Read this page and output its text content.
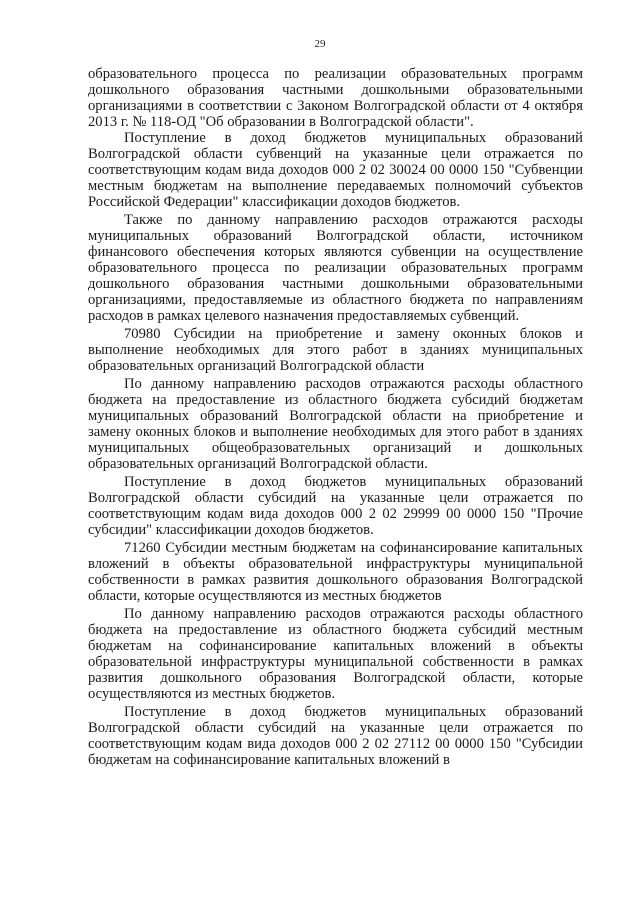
29

образовательного процесса по реализации образовательных программ дошкольного образования частными дошкольными образовательными организациями в соответствии с Законом Волгоградской области от 4 октября 2013 г. № 118-ОД "Об образовании в Волгоградской области".

Поступление в доход бюджетов муниципальных образований Волгоградской области субвенций на указанные цели отражается по соответствующим кодам вида доходов 000 2 02 30024 00 0000 150 "Субвенции местным бюджетам на выполнение передаваемых полномочий субъектов Российской Федерации" классификации доходов бюджетов.

Также по данному направлению расходов отражаются расходы муниципальных образований Волгоградской области, источником финансового обеспечения которых являются субвенции на осуществление образовательного процесса по реализации образовательных программ дошкольного образования частными дошкольными образовательными организациями, предоставляемые из областного бюджета по направлениям расходов в рамках целевого назначения предоставляемых субвенций.

70980 Субсидии на приобретение и замену оконных блоков и выполнение необходимых для этого работ в зданиях муниципальных образовательных организаций Волгоградской области

По данному направлению расходов отражаются расходы областного бюджета на предоставление из областного бюджета субсидий бюджетам муниципальных образований Волгоградской области на приобретение и замену оконных блоков и выполнение необходимых для этого работ в зданиях муниципальных общеобразовательных организаций и дошкольных образовательных организаций Волгоградской области.

Поступление в доход бюджетов муниципальных образований Волгоградской области субсидий на указанные цели отражается по соответствующим кодам вида доходов 000 2 02 29999 00 0000 150 "Прочие субсидии" классификации доходов бюджетов.

71260 Субсидии местным бюджетам на софинансирование капитальных вложений в объекты образовательной инфраструктуры муниципальной собственности в рамках развития дошкольного образования Волгоградской области, которые осуществляются из местных бюджетов

По данному направлению расходов отражаются расходы областного бюджета на предоставление из областного бюджета субсидий местным бюджетам на софинансирование капитальных вложений в объекты образовательной инфраструктуры муниципальной собственности в рамках развития дошкольного образования Волгоградской области, которые осуществляются из местных бюджетов.

Поступление в доход бюджетов муниципальных образований Волгоградской области субсидий на указанные цели отражается по соответствующим кодам вида доходов 000 2 02 27112 00 0000 150 "Субсидии бюджетам на софинансирование капитальных вложений в
